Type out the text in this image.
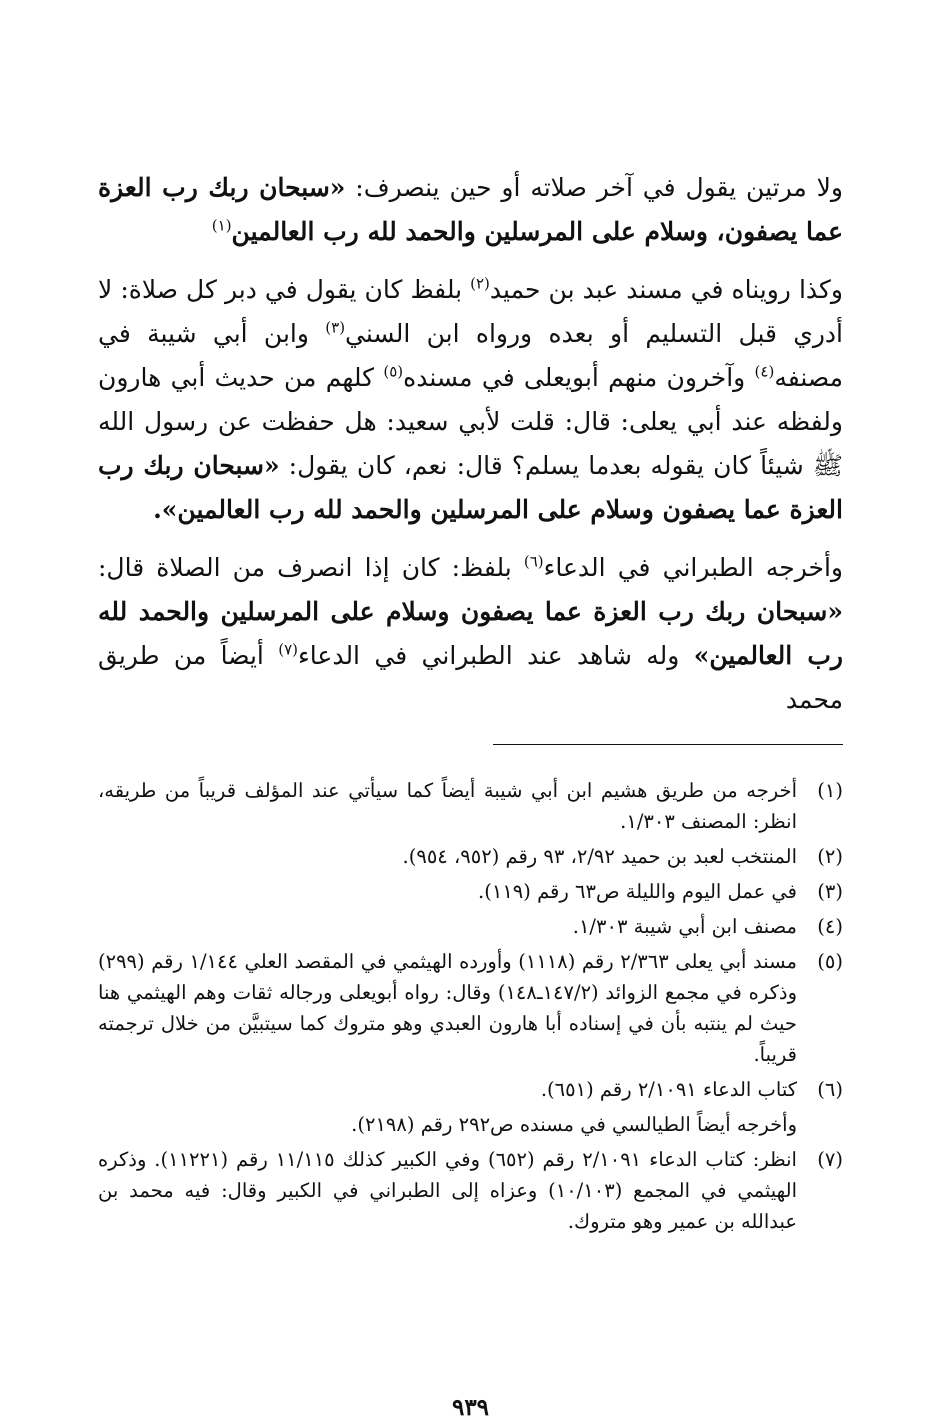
ولا مرتين يقول في آخر صلاته أو حين ينصرف: «سبحان ربك رب العزة عما يصفون، وسلام على المرسلين والحمد لله رب العالمين$^{(١)}$

وكذا رويناه في مسند عبد بن حميد$^{(٢)}$ بلفظ كان يقول في دبر كل صلاة: لا أدري قبل التسليم أو بعده ورواه ابن السني$^{(٣)}$ وابن أبي شيبة في مصنفه$^{(٤)}$ وآخرون منهم أبويعلى في مسنده$^{(٥)}$ كلهم من حديث أبي هارون ولفظه عند أبي يعلى: قال: قلت لأبي سعيد: هل حفظت عن رسول الله ﷺ شيئاً كان يقوله بعدما يسلم؟ قال: نعم، كان يقول: «سبحان ربك رب العزة عما يصفون وسلام على المرسلين والحمد لله رب العالمين».

وأخرجه الطبراني في الدعاء$^{(٦)}$ بلفظ: كان إذا انصرف من الصلاة قال: «سبحان ربك رب العزة عما يصفون وسلام على المرسلين والحمد لله رب العالمين» وله شاهد عند الطبراني في الدعاء$^{(٧)}$ أيضاً من طريق محمد

(١)
أخرجه من طريق هشيم ابن أبي شيبة أيضاً كما سيأتي عند المؤلف قريباً من طريقه، انظر: المصنف ١/٣٠٣.
(٢)
المنتخب لعبد بن حميد ٢/٩٢، ٩٣ رقم (٩٥٢، ٩٥٤).
(٣)
في عمل اليوم والليلة ص٦٣ رقم (١١٩).
(٤)
مصنف ابن أبي شيبة ١/٣٠٣.
(٥)
مسند أبي يعلى ٢/٣٦٣ رقم (١١١٨) وأورده الهيثمي في المقصد العلي ١/١٤٤ رقم (٢٩٩) وذكره في مجمع الزوائد (١٤٧/٢ـ١٤٨) وقال: رواه أبويعلى ورجاله ثقات وهم الهيثمي هنا حيث لم ينتبه بأن في إسناده أبا هارون العبدي وهو متروك كما سيتبيَّن من خلال ترجمته قريباً.
(٦)
كتاب الدعاء ٢/١٠٩١ رقم (٦٥١).
وأخرجه أيضاً الطيالسي في مسنده ص٢٩٢ رقم (٢١٩٨).
(٧)
انظر: كتاب الدعاء ٢/١٠٩١ رقم (٦٥٢) وفي الكبير كذلك ١١/١١٥ رقم (١١٢٢١). وذكره الهيثمي في المجمع (١٠/١٠٣) وعزاه إلى الطبراني في الكبير وقال: فيه محمد بن عبدالله بن عمير وهو متروك.
٩٣٩
